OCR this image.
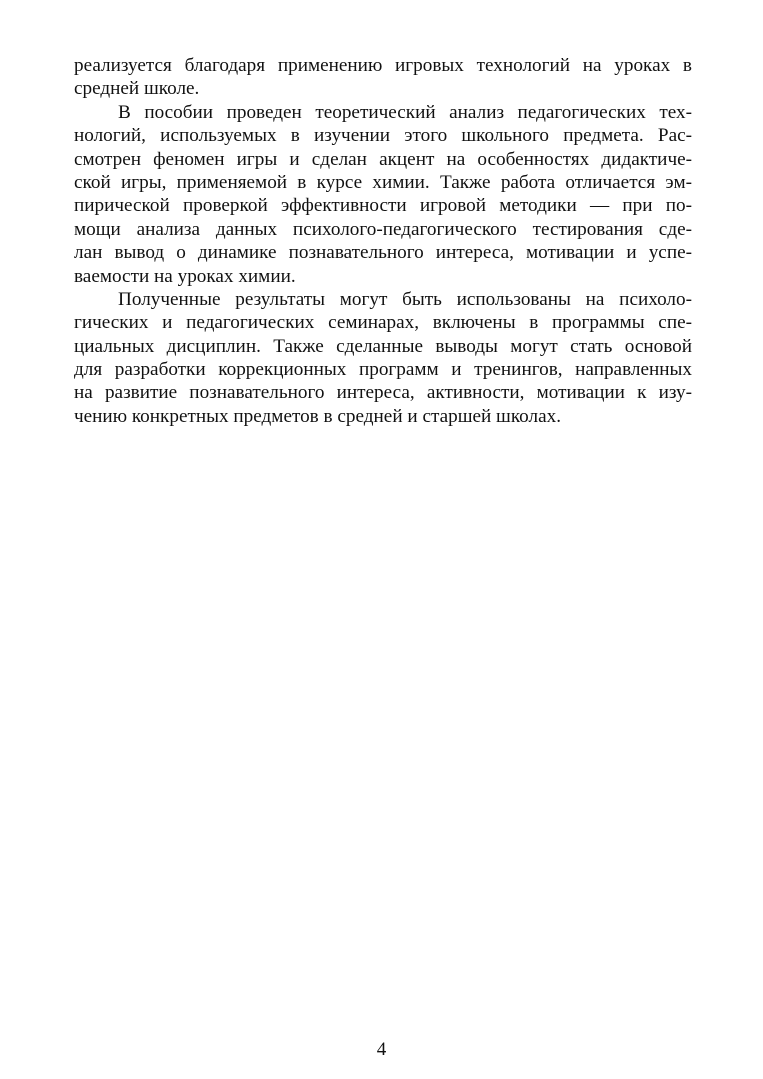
реализуется благодаря применению игровых технологий на уроках в
средней школе.
В пособии проведен теоретический анализ педагогических тех-
нологий, используемых в изучении этого школьного предмета. Рас-
смотрен феномен игры и сделан акцент на особенностях дидактиче-
ской игры, применяемой в курсе химии. Также работа отличается эм-
пирической проверкой эффективности игровой методики — при по-
мощи анализа данных психолого-педагогического тестирования сде-
лан вывод о динамике познавательного интереса, мотивации и успе-
ваемости на уроках химии.
Полученные результаты могут быть использованы на психоло-
гических и педагогических семинарах, включены в программы спе-
циальных дисциплин. Также сделанные выводы могут стать основой
для разработки коррекционных программ и тренингов, направленных
на развитие познавательного интереса, активности, мотивации к изу-
чению конкретных предметов в средней и старшей школах.
4
